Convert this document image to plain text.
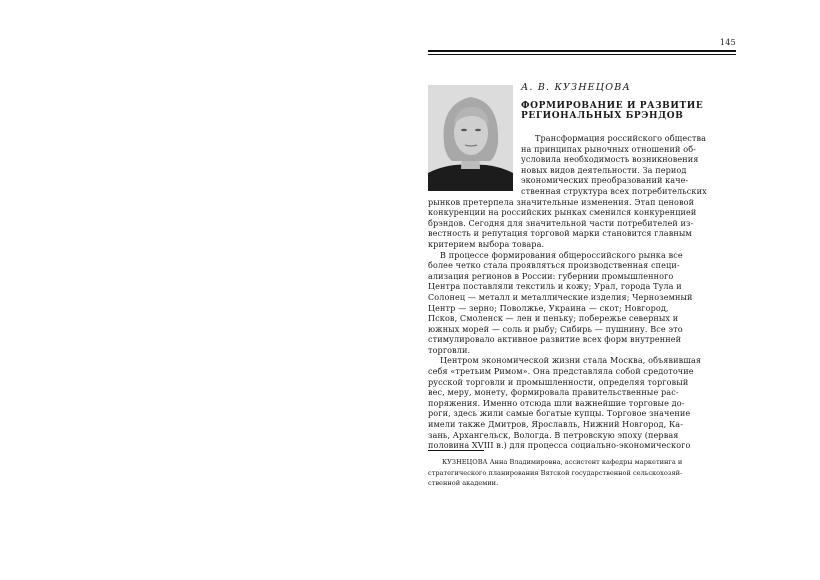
145
А. В. КУЗНЕЦОВА
ФОРМИРОВАНИЕ И РАЗВИТИЕ
РЕГИОНАЛЬНЫХ БРЭНДОВ
Трансформация российского общества
на принципах рыночных отношений об-
условила необходимость возникновения
новых видов деятельности. За период
экономических преобразований каче-
ственная структура всех потребительских
рынков претерпела значительные изменения. Этап ценовой
конкуренции на российских рынках сменился конкуренцией
брэндов. Сегодня для значительной части потребителей из-
вестность и репутация торговой марки становится главным
критерием выбора товара.
В процессе формирования общероссийского рынка все
более четко стала проявляться производственная специ-
ализация регионов в России: губернии промышленного
Центра поставляли текстиль и кожу; Урал, города Тула и
Солонец — металл и металлические изделия; Черноземный
Центр — зерно; Поволжье, Украина — скот; Новгород,
Псков, Смоленск — лен и пеньку; побережье северных и
южных морей — соль и рыбу; Сибирь — пушнину. Все это
стимулировало активное развитие всех форм внутренней
торговли.
Центром экономической жизни стала Москва, объявившая
себя «третьим Римом». Она представляла собой средоточие
русской торговли и промышленности, определяя торговый
вес, меру, монету, формировала правительственные рас-
поряжения. Именно отсюда шли важнейшие торговые до-
роги, здесь жили самые богатые купцы. Торговое значение
имели также Дмитров, Ярославль, Нижний Новгород, Ка-
зань, Архангельск, Вологда. В петровскую эпоху (первая
половина XVIII в.) для процесса социально-экономического
КУЗНЕЦОВА Анна Владимировна, ассистент кафедры маркетинга и
стратегического планирования Вятской государственной сельскохозяй-
ственной академии.
